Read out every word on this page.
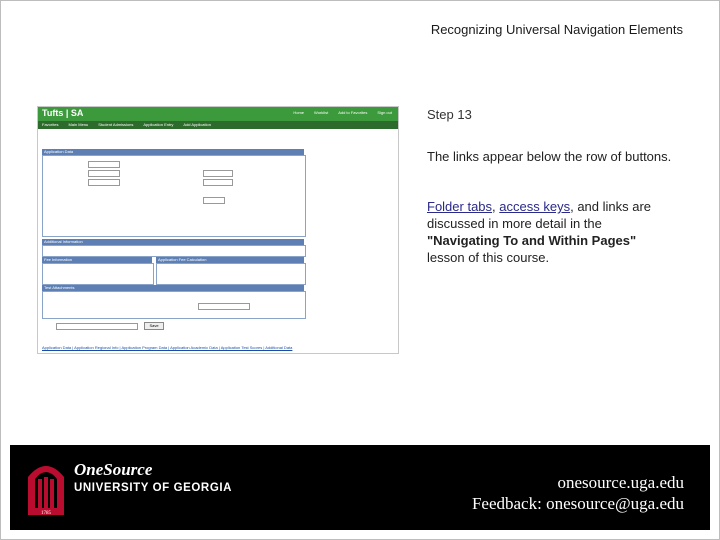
Recognizing Universal Navigation Elements
Tufts | SA	Home	Worklist	Add to Favorites	Sign out
Favorites	Main Menu	Student Admissions	Application Entry	Add Application
Application Data
Additional Information
Fee Information	Application Fee Calculation
Test Attachments
Save
Application Data | Application Regional Info | Application Program Data | Application Academic Data | Application Test Scores | Additional Data
Step 13

The links appear below the row of buttons.

Folder tabs, access keys, and links are discussed in more detail in the "Navigating To and Within Pages" lesson of this course.

1785
OneSource
UNIVERSITY OF GEORGIA	onesource.uga.edu
Feedback: onesource@uga.edu
